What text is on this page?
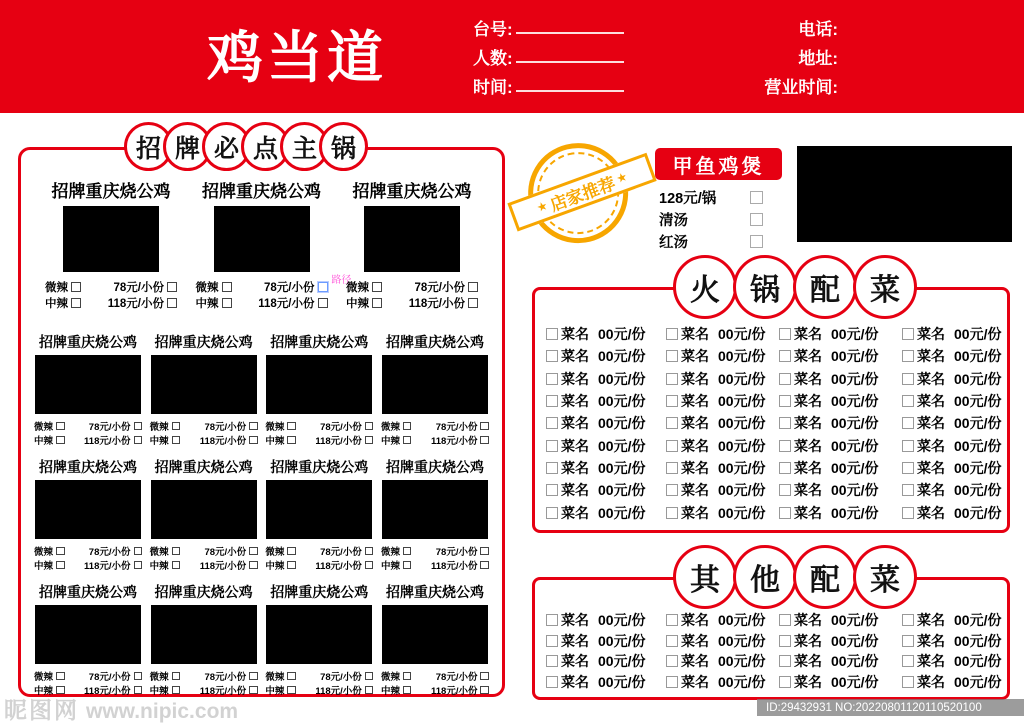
鸡当道	台号:
人数:
时间:
电话:
地址:
营业时间:
招 牌 必 点 主 锅
招牌重庆烧公鸡
微辣	78元/小份
中辣	118元/小份
招牌重庆烧公鸡
微辣	78元/小份
路径
中辣	118元/小份
招牌重庆烧公鸡
微辣	78元/小份
中辣	118元/小份
招牌重庆烧公鸡
微辣	78元/小份
中辣	118元/小份
招牌重庆烧公鸡
微辣	78元/小份
中辣	118元/小份
招牌重庆烧公鸡
微辣	78元/小份
中辣	118元/小份
招牌重庆烧公鸡
微辣	78元/小份
中辣	118元/小份
招牌重庆烧公鸡
微辣	78元/小份
中辣	118元/小份
招牌重庆烧公鸡
微辣	78元/小份
中辣	118元/小份
招牌重庆烧公鸡
微辣	78元/小份
中辣	118元/小份
招牌重庆烧公鸡
微辣	78元/小份
中辣	118元/小份
招牌重庆烧公鸡
微辣	78元/小份
中辣	118元/小份
招牌重庆烧公鸡
微辣	78元/小份
中辣	118元/小份
招牌重庆烧公鸡
微辣	78元/小份
中辣	118元/小份
招牌重庆烧公鸡
微辣	78元/小份
中辣	118元/小份
★
店家推荐
★
甲鱼鸡煲
128元/锅
清汤
红汤
菜名 00元/份	菜名 00元/份 菜名 00元/份	菜名 00元/份
菜名 00元/份	菜名 00元/份 菜名 00元/份	菜名 00元/份
菜名 00元/份	菜名 00元/份 菜名 00元/份	菜名 00元/份
菜名 00元/份	菜名 00元/份 菜名 00元/份	菜名 00元/份
菜名 00元/份	菜名 00元/份 菜名 00元/份	菜名 00元/份
菜名 00元/份	菜名 00元/份 菜名 00元/份	菜名 00元/份
菜名 00元/份	菜名 00元/份 菜名 00元/份	菜名 00元/份
菜名 00元/份	菜名 00元/份 菜名 00元/份	菜名 00元/份
菜名 00元/份	菜名 00元/份 菜名 00元/份	菜名 00元/份
火	锅	配	菜
菜名 00元/份	菜名 00元/份 菜名 00元/份	菜名 00元/份
菜名 00元/份	菜名 00元/份 菜名 00元/份	菜名 00元/份
菜名 00元/份	菜名 00元/份 菜名 00元/份	菜名 00元/份
菜名 00元/份	菜名 00元/份 菜名 00元/份	菜名 00元/份
其	他	配	菜
昵图网 www.nipic.com	ID:29432931 NO:20220801120110520100
